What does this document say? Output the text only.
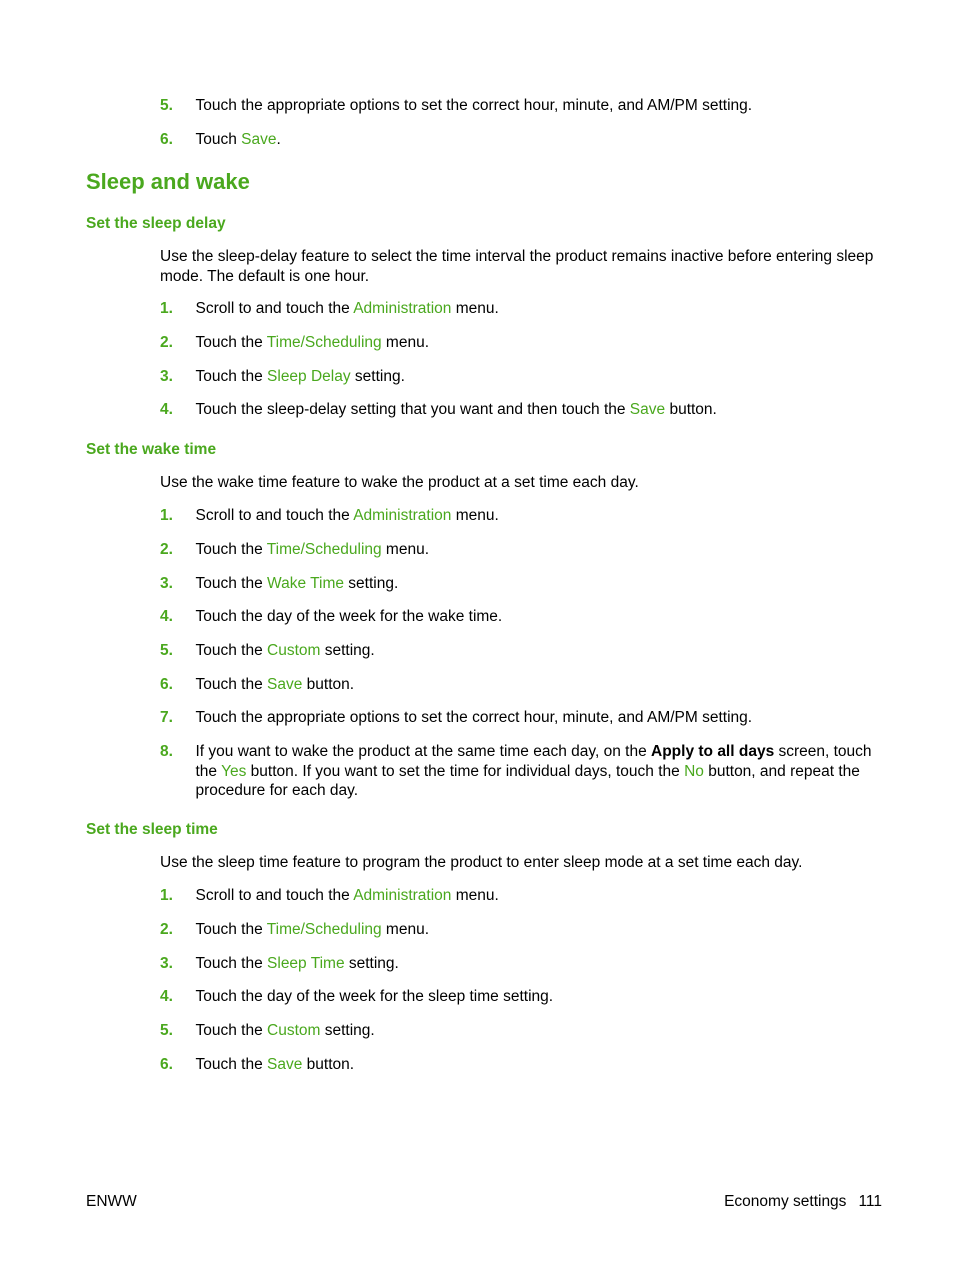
5. Touch the appropriate options to set the correct hour, minute, and AM/PM setting.
6. Touch Save.
Sleep and wake
Set the sleep delay
Use the sleep-delay feature to select the time interval the product remains inactive before entering sleep mode. The default is one hour.
1. Scroll to and touch the Administration menu.
2. Touch the Time/Scheduling menu.
3. Touch the Sleep Delay setting.
4. Touch the sleep-delay setting that you want and then touch the Save button.
Set the wake time
Use the wake time feature to wake the product at a set time each day.
1. Scroll to and touch the Administration menu.
2. Touch the Time/Scheduling menu.
3. Touch the Wake Time setting.
4. Touch the day of the week for the wake time.
5. Touch the Custom setting.
6. Touch the Save button.
7. Touch the appropriate options to set the correct hour, minute, and AM/PM setting.
8. If you want to wake the product at the same time each day, on the Apply to all days screen, touch the Yes button. If you want to set the time for individual days, touch the No button, and repeat the procedure for each day.
Set the sleep time
Use the sleep time feature to program the product to enter sleep mode at a set time each day.
1. Scroll to and touch the Administration menu.
2. Touch the Time/Scheduling menu.
3. Touch the Sleep Time setting.
4. Touch the day of the week for the sleep time setting.
5. Touch the Custom setting.
6. Touch the Save button.
ENWW	Economy settings 111
